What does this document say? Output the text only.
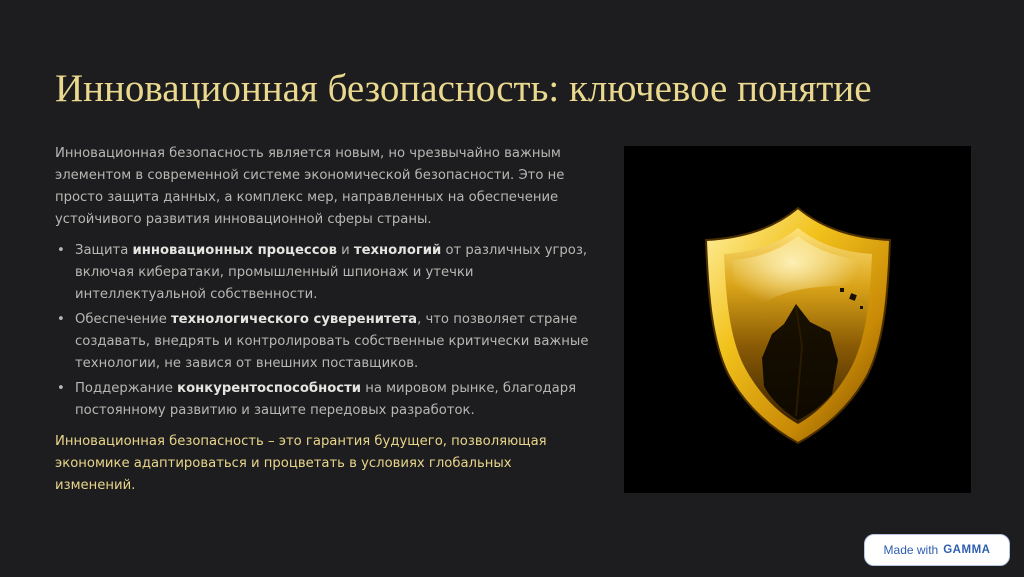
Инновационная безопасность: ключевое понятие

Инновационная безопасность является новым, но чрезвычайно важным элементом в современной системе экономической безопасности. Это не просто защита данных, а комплекс мер, направленных на обеспечение устойчивого развития инновационной сферы страны.

• Защита инновационных процессов и технологий от различных угроз, включая кибератаки, промышленный шпионаж и утечки интеллектуальной собственности.
• Обеспечение технологического суверенитета, что позволяет стране создавать, внедрять и контролировать собственные критически важные технологии, не завися от внешних поставщиков.
• Поддержание конкурентоспособности на мировом рынке, благодаря постоянному развитию и защите передовых разработок.

Инновационная безопасность – это гарантия будущего, позволяющая экономике адаптироваться и процветать в условиях глобальных изменений.

Made with GAMMA
